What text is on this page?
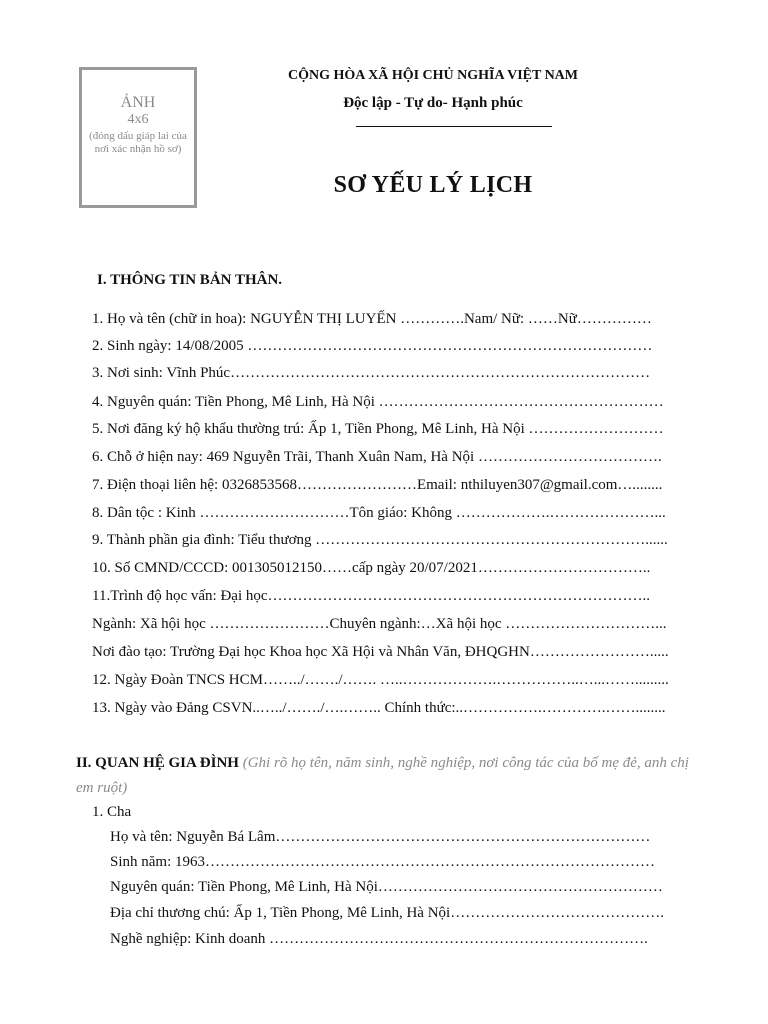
ẢNH
4x6
(đóng dấu giáp lai của nơi xác nhận hồ sơ)
CỘNG HÒA XÃ HỘI CHỦ NGHĨA VIỆT NAM
Độc lập - Tự do- Hạnh phúc
SƠ YẾU LÝ LỊCH
I. THÔNG TIN BẢN THÂN.
1. Họ và tên (chữ in hoa): NGUYỄN THỊ LUYẾN ………….Nam/ Nữ: ……Nữ……………
2. Sinh ngày: 14/08/2005 ………………………………………………………………………
3. Nơi sinh: Vĩnh Phúc…………………………………………………………………………
4. Nguyên quán: Tiền Phong, Mê Linh, Hà Nội …………………………………………………
5. Nơi đăng ký hộ khẩu thường trú: Ấp 1, Tiền Phong, Mê Linh, Hà Nội ………………………
6. Chỗ ở hiện nay: 469 Nguyễn Trãi, Thanh Xuân Nam, Hà Nội ……………………………….
7. Điện thoại liên hệ: 0326853568……………………Email: nthiluyen307@gmail.com…........
8. Dân tộc : Kinh …………………………Tôn giáo: Không ……………….…………………...
9. Thành phần gia đình: Tiểu thương …………………………………………………………......
10. Số CMND/CCCD: 001305012150……cấp ngày 20/07/2021……………………………..
11.Trình độ học vấn: Đại học…………………………………………………………………..
Ngành: Xã hội học ……………………Chuyên ngành:…Xã hội học …………………………...
Nơi đào tạo: Trường Đại học Khoa học Xã Hội và Nhân Văn, ĐHQGHN…………………….....
12. Ngày Đoàn TNCS HCM……../……./……. …..……………….……………..…...…….........
13. Ngày vào Đảng CSVN..…../……./….…….. Chính thức:..…………….………….……........
II. QUAN HỆ GIA ĐÌNH (Ghi rõ họ tên, năm sinh, nghề nghiệp, nơi công tác của bố mẹ đẻ, anh chị em ruột)
1. Cha
Họ và tên: Nguyễn Bá Lâm…………………………………………………………………
Sinh năm: 1963………………………………………………………………………………
Nguyên quán: Tiền Phong, Mê Linh, Hà Nội…………………………………………………
Địa chỉ thương chú: Ấp 1, Tiền Phong, Mê Linh, Hà Nội…………………………………….
Nghề nghiệp: Kinh doanh ………………………………………………………………….
